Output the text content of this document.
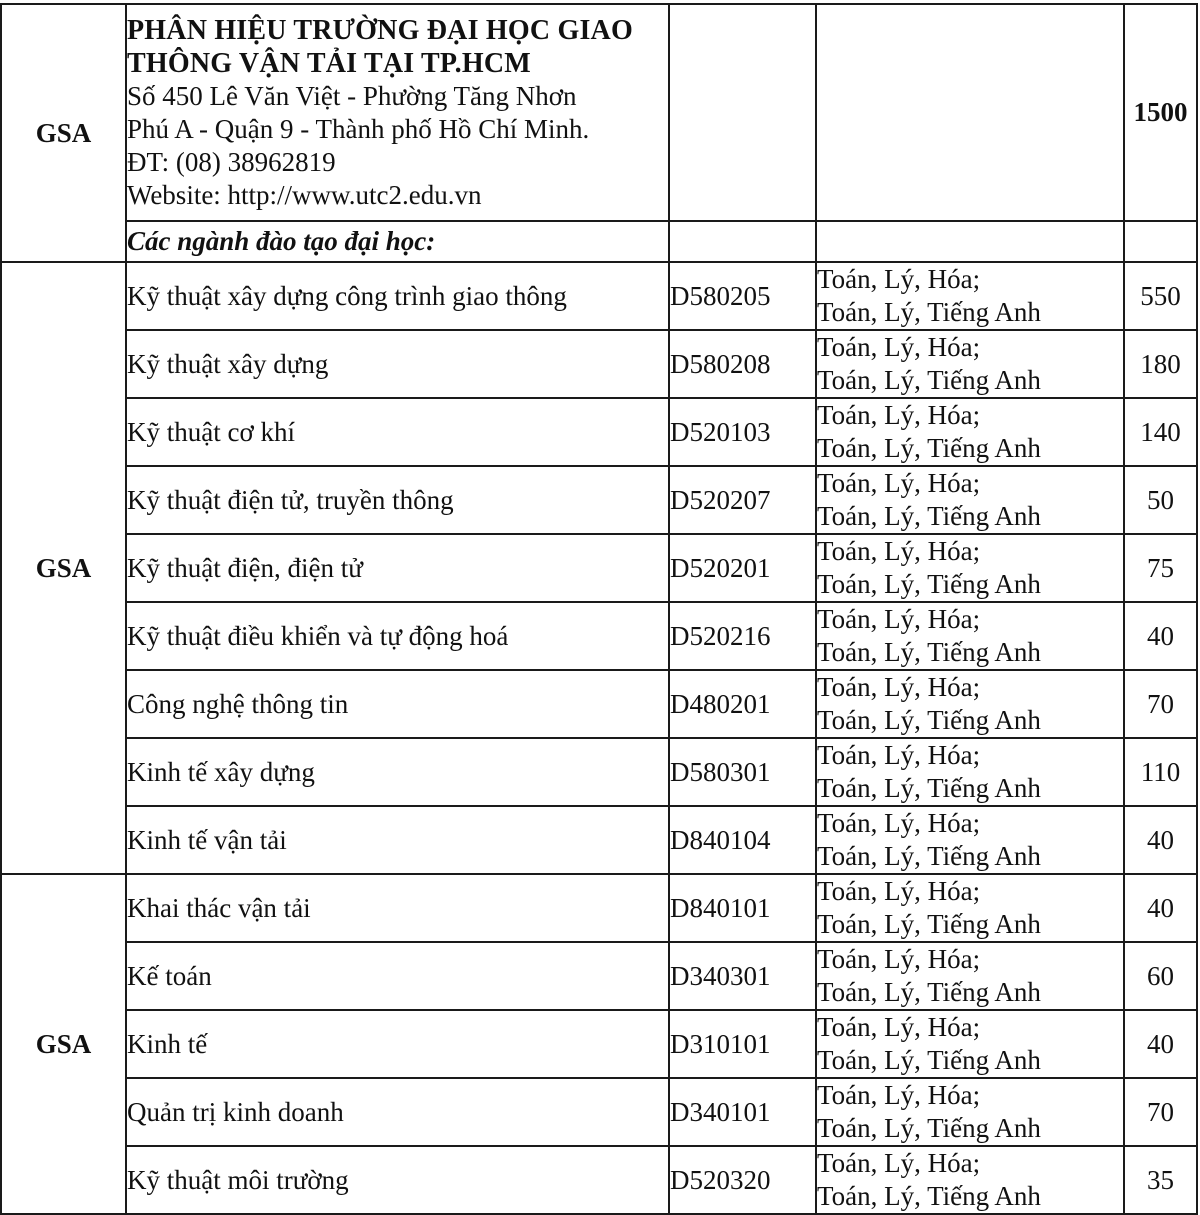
GSA	
PHÂN HIỆU TRƯỜNG ĐẠI HỌC GIAO
THÔNG VẬN TẢI TẠI TP.HCM
Số 450 Lê Văn Việt - Phường Tăng Nhơn
Phú A - Quận 9 - Thành phố Hồ Chí Minh.
ĐT: (08) 38962819
Website: http://www.utc2.edu.vn
			1500
	Các ngành đào tạo đại học:			
GSA	Kỹ thuật xây dựng công trình giao thông	D580205	Toán, Lý, Hóa;
Toán, Lý, Tiếng Anh	550
	Kỹ thuật xây dựng	D580208	Toán, Lý, Hóa;
Toán, Lý, Tiếng Anh	180
	Kỹ thuật cơ khí	D520103	Toán, Lý, Hóa;
Toán, Lý, Tiếng Anh	140
	Kỹ thuật điện tử, truyền thông	D520207	Toán, Lý, Hóa;
Toán, Lý, Tiếng Anh	50
	Kỹ thuật điện, điện tử	D520201	Toán, Lý, Hóa;
Toán, Lý, Tiếng Anh	75
	Kỹ thuật điều khiển và tự động hoá	D520216	Toán, Lý, Hóa;
Toán, Lý, Tiếng Anh	40
	Công nghệ thông tin	D480201	Toán, Lý, Hóa;
Toán, Lý, Tiếng Anh	70
	Kinh tế xây dựng	D580301	Toán, Lý, Hóa;
Toán, Lý, Tiếng Anh	110
	Kinh tế vận tải	D840104	Toán, Lý, Hóa;
Toán, Lý, Tiếng Anh	40
GSA	Khai thác vận tải	D840101	Toán, Lý, Hóa;
Toán, Lý, Tiếng Anh	40
	Kế toán	D340301	Toán, Lý, Hóa;
Toán, Lý, Tiếng Anh	60
	Kinh tế	D310101	Toán, Lý, Hóa;
Toán, Lý, Tiếng Anh	40
	Quản trị kinh doanh	D340101	Toán, Lý, Hóa;
Toán, Lý, Tiếng Anh	70
	Kỹ thuật môi trường	D520320	Toán, Lý, Hóa;
Toán, Lý, Tiếng Anh	35
